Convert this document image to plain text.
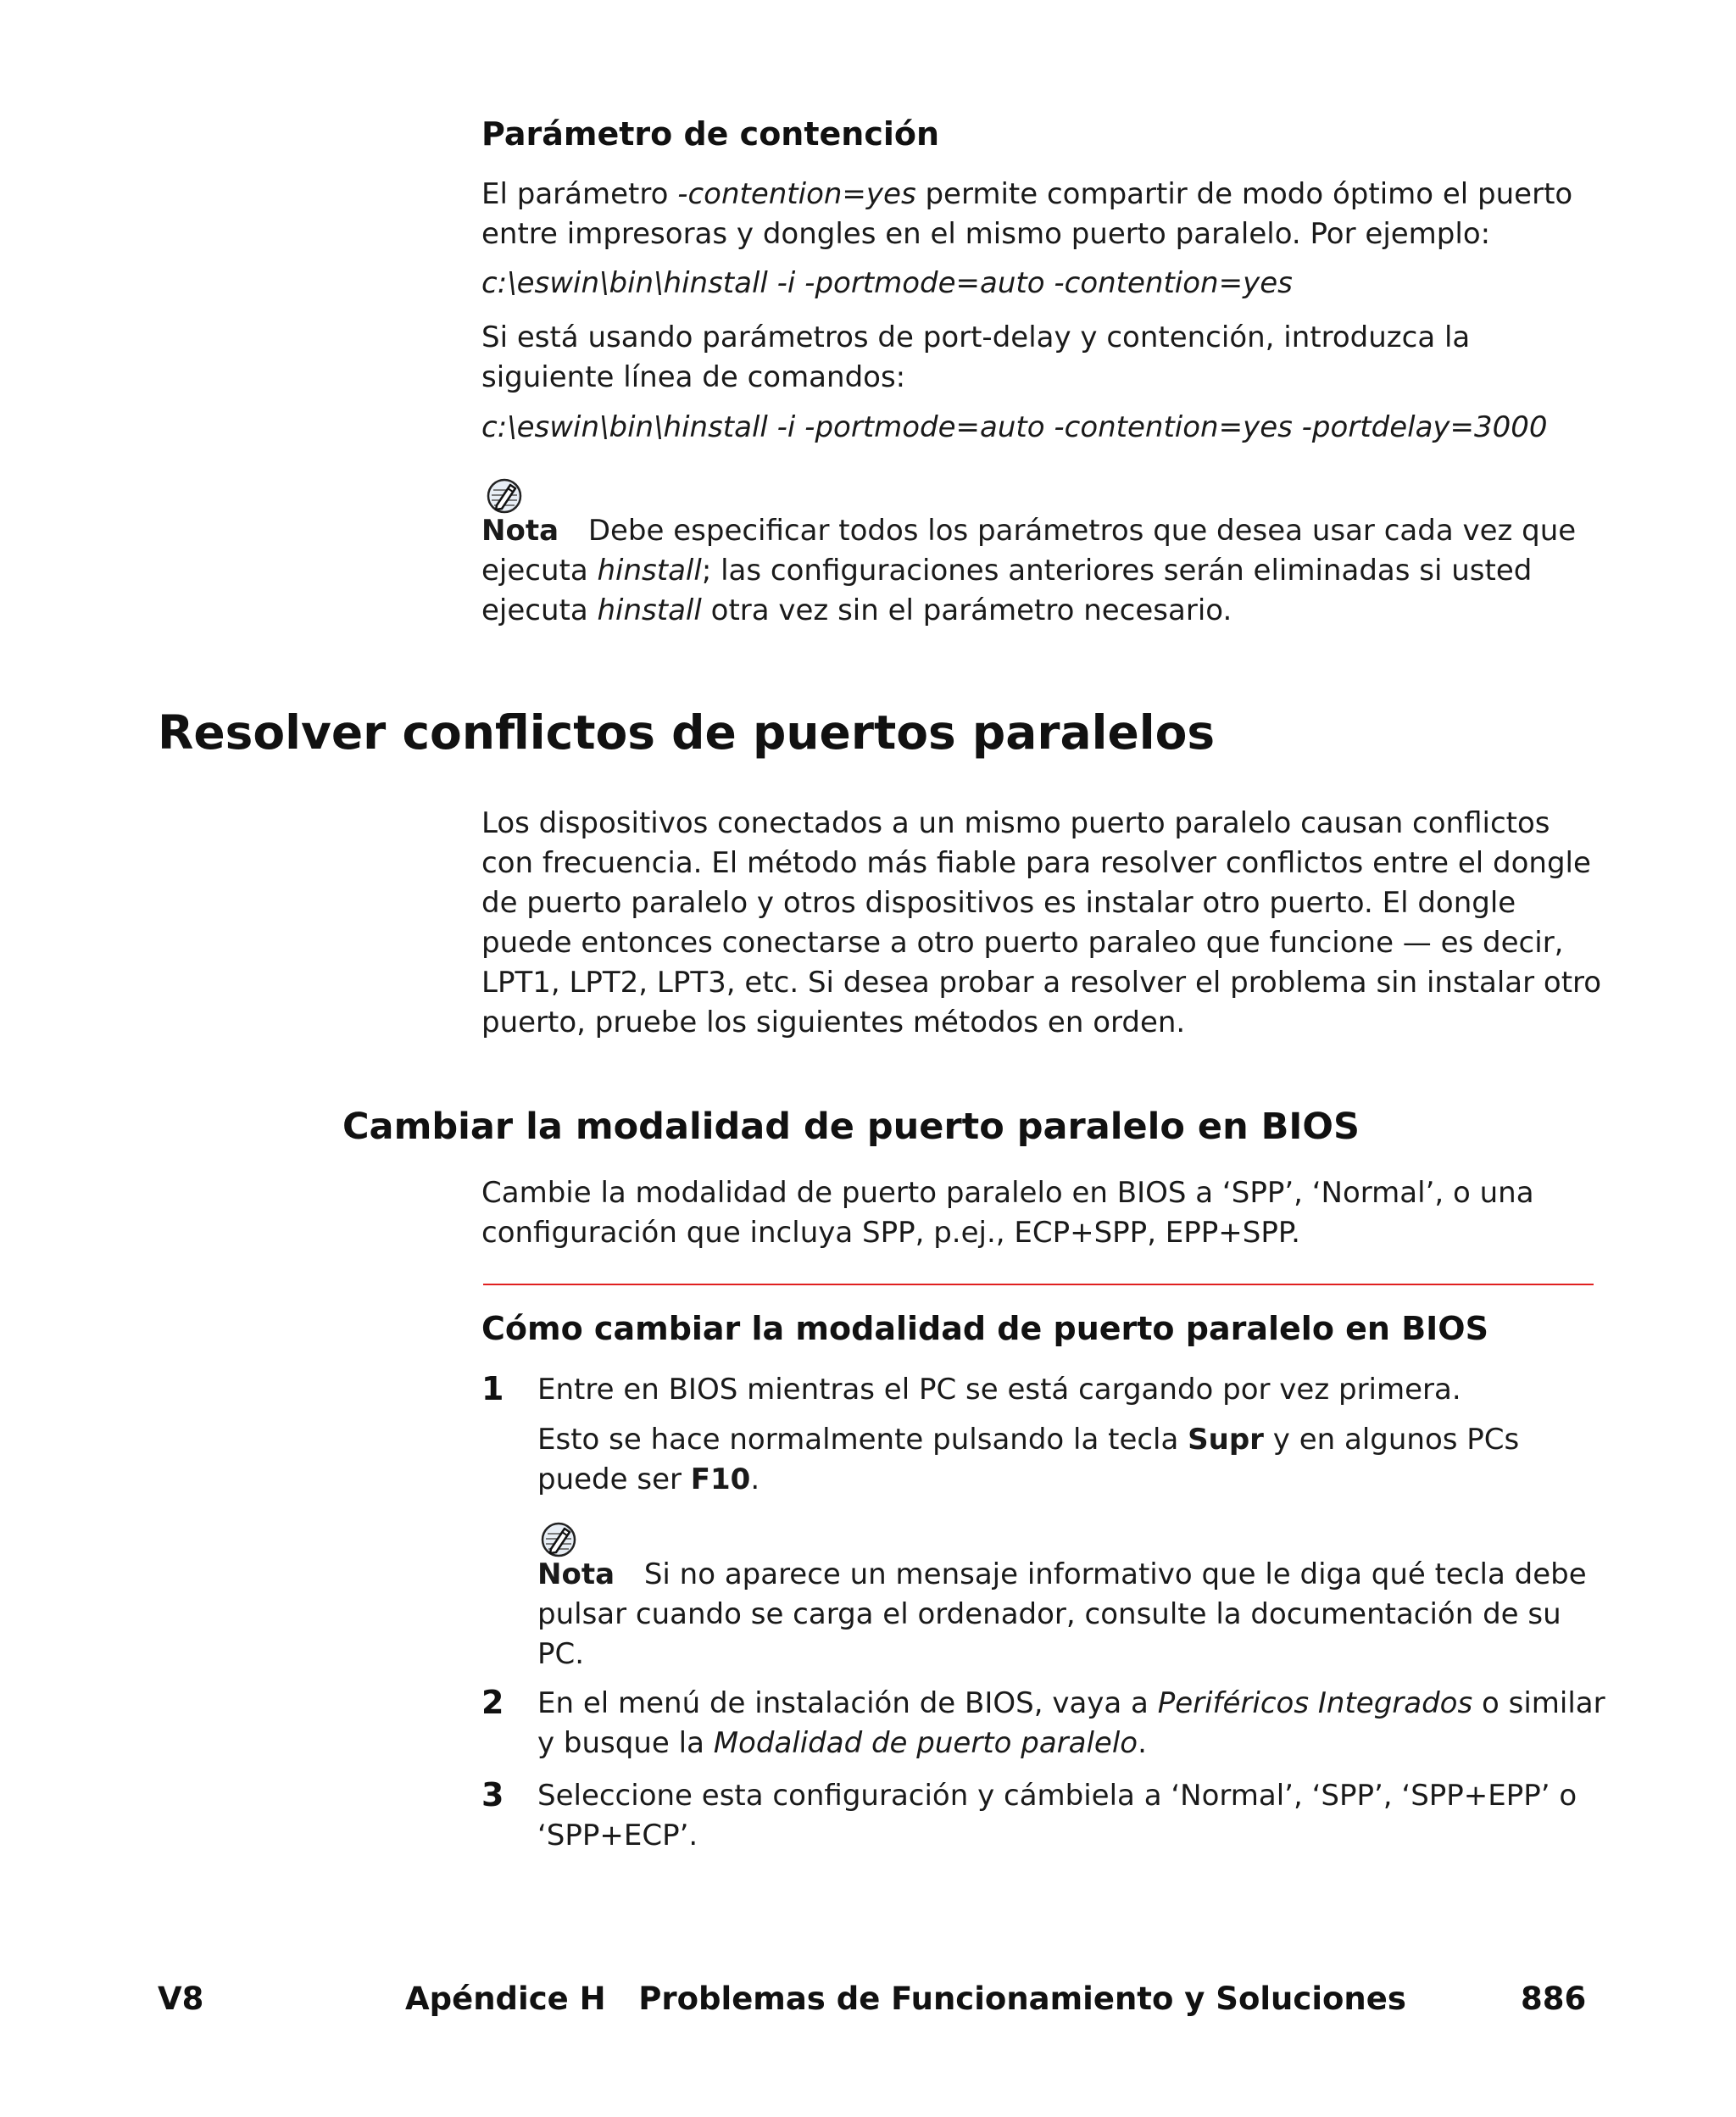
Parámetro de contención
El parámetro -contention=yes permite compartir de modo óptimo el puerto entre impresoras y dongles en el mismo puerto paralelo. Por ejemplo:
c:\eswin\bin\hinstall -i -portmode=auto -contention=yes
Si está usando parámetros de port-delay y contención, introduzca la siguiente línea de comandos:
c:\eswin\bin\hinstall -i -portmode=auto -contention=yes -portdelay=3000
Nota Debe especificar todos los parámetros que desea usar cada vez que ejecuta hinstall; las configuraciones anteriores serán eliminadas si usted ejecuta hinstall otra vez sin el parámetro necesario.
Resolver conflictos de puertos paralelos
Los dispositivos conectados a un mismo puerto paralelo causan conflictos con frecuencia. El método más fiable para resolver conflictos entre el dongle de puerto paralelo y otros dispositivos es instalar otro puerto. El dongle puede entonces conectarse a otro puerto paraleo que funcione — es decir, LPT1, LPT2, LPT3, etc. Si desea probar a resolver el problema sin instalar otro puerto, pruebe los siguientes métodos en orden.
Cambiar la modalidad de puerto paralelo en BIOS
Cambie la modalidad de puerto paralelo en BIOS a ‘SPP’, ‘Normal’, o una configuración que incluya SPP, p.ej., ECP+SPP, EPP+SPP.
Cómo cambiar la modalidad de puerto paralelo en BIOS
1 Entre en BIOS mientras el PC se está cargando por vez primera.
Esto se hace normalmente pulsando la tecla Supr y en algunos PCs puede ser F10.
Nota Si no aparece un mensaje informativo que le diga qué tecla debe pulsar cuando se carga el ordenador, consulte la documentación de su PC.
2 En el menú de instalación de BIOS, vaya a Periféricos Integrados o similar y busque la Modalidad de puerto paralelo.
3 Seleccione esta configuración y cámbiela a ‘Normal’, ‘SPP’, ‘SPP+EPP’ o ‘SPP+ECP’.
V8	Apéndice H   Problemas de Funcionamiento y Soluciones	886
